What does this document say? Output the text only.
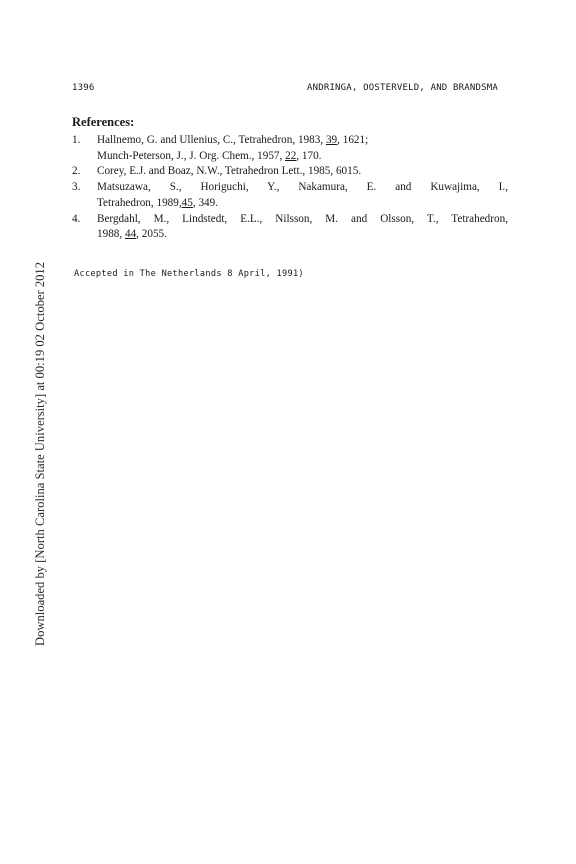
1396	ANDRINGA, OOSTERVELD, AND BRANDSMA
References:
1. Hallnemo, G. and Ullenius, C., Tetrahedron, 1983, 39, 1621;
Munch-Peterson, J., J. Org. Chem., 1957, 22, 170.
2. Corey, E.J. and Boaz, N.W., Tetrahedron Lett., 1985, 6015.
3. Matsuzawa, S., Horiguchi, Y., Nakamura, E. and Kuwajima, I.,
Tetrahedron, 1989,45, 349.
4. Bergdahl, M., Lindstedt, E.L., Nilsson, M. and Olsson, T., Tetrahedron,
1988, 44, 2055.
Accepted in The Netherlands 8 April, 1991)
Downloaded by [North Carolina State University] at 00:19 02 October 2012
